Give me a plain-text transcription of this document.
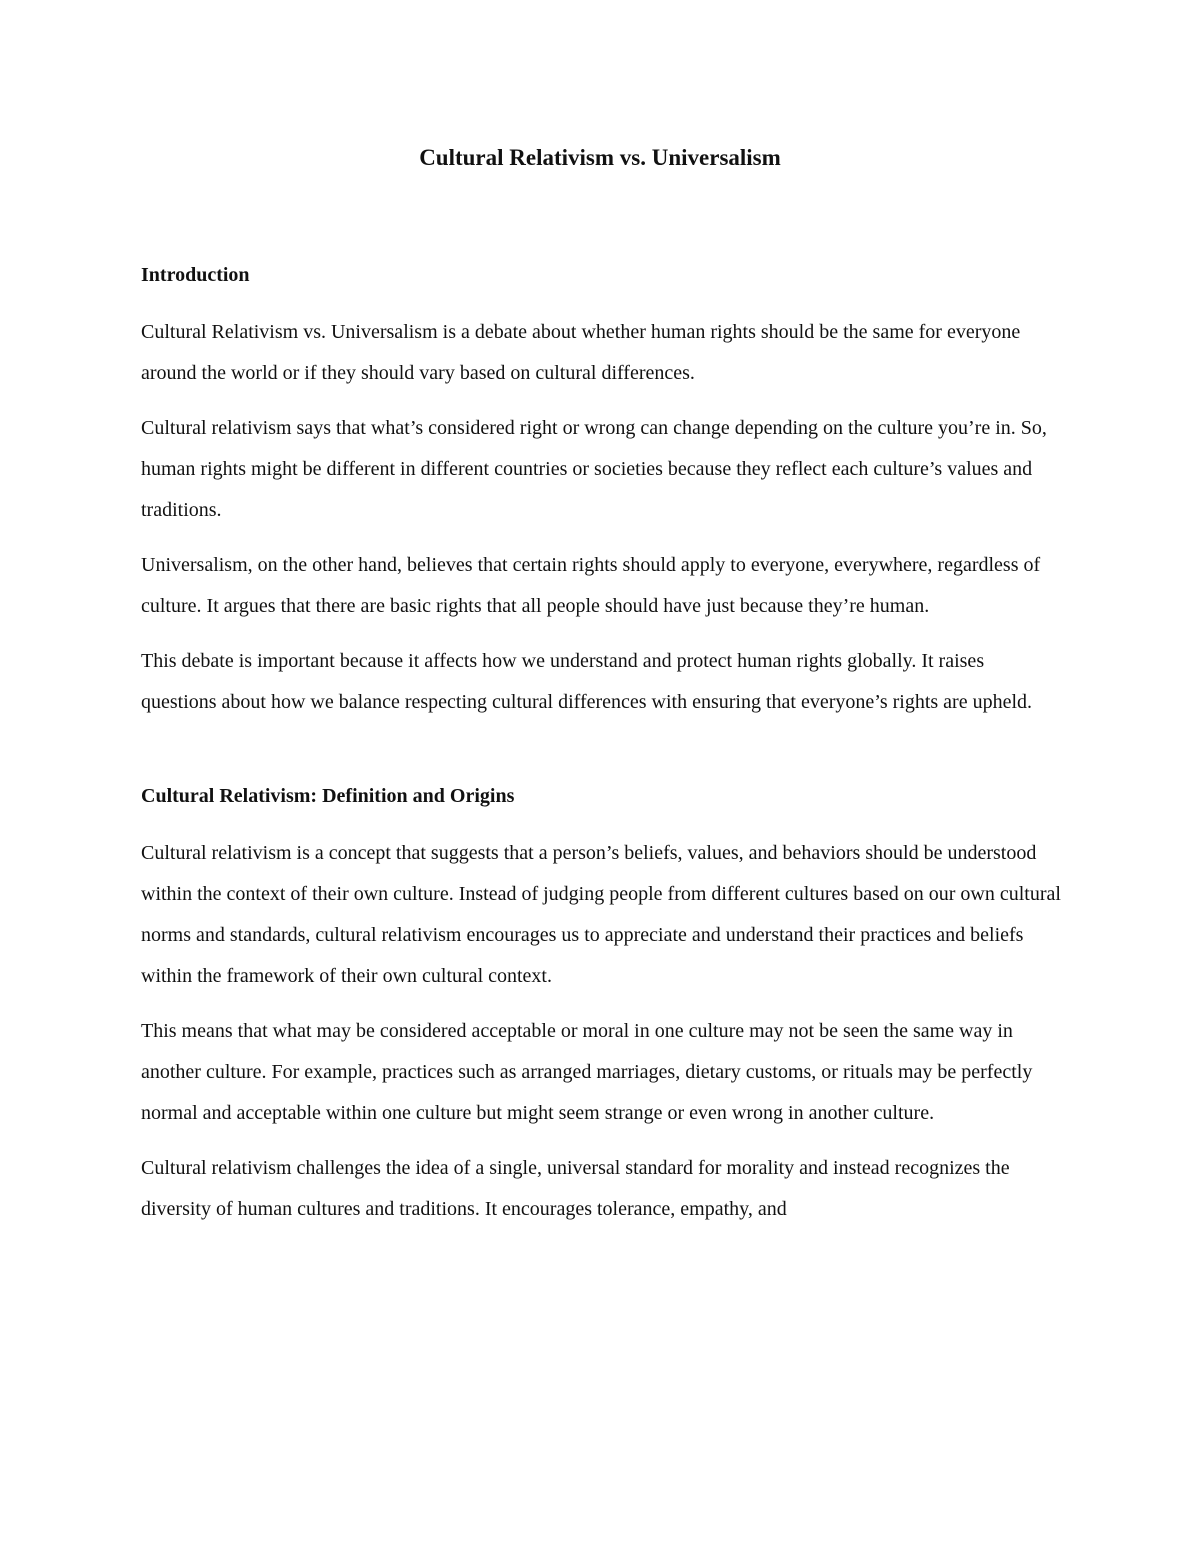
Cultural Relativism vs. Universalism
Introduction

Cultural Relativism vs. Universalism is a debate about whether human rights should be the same for everyone around the world or if they should vary based on cultural differences.

Cultural relativism says that what’s considered right or wrong can change depending on the culture you’re in. So, human rights might be different in different countries or societies because they reflect each culture’s values and traditions.

Universalism, on the other hand, believes that certain rights should apply to everyone, everywhere, regardless of culture. It argues that there are basic rights that all people should have just because they’re human.

This debate is important because it affects how we understand and protect human rights globally. It raises questions about how we balance respecting cultural differences with ensuring that everyone’s rights are upheld.

Cultural Relativism: Definition and Origins

Cultural relativism is a concept that suggests that a person’s beliefs, values, and behaviors should be understood within the context of their own culture. Instead of judging people from different cultures based on our own cultural norms and standards, cultural relativism encourages us to appreciate and understand their practices and beliefs within the framework of their own cultural context.

This means that what may be considered acceptable or moral in one culture may not be seen the same way in another culture. For example, practices such as arranged marriages, dietary customs, or rituals may be perfectly normal and acceptable within one culture but might seem strange or even wrong in another culture.

Cultural relativism challenges the idea of a single, universal standard for morality and instead recognizes the diversity of human cultures and traditions. It encourages tolerance, empathy, and
